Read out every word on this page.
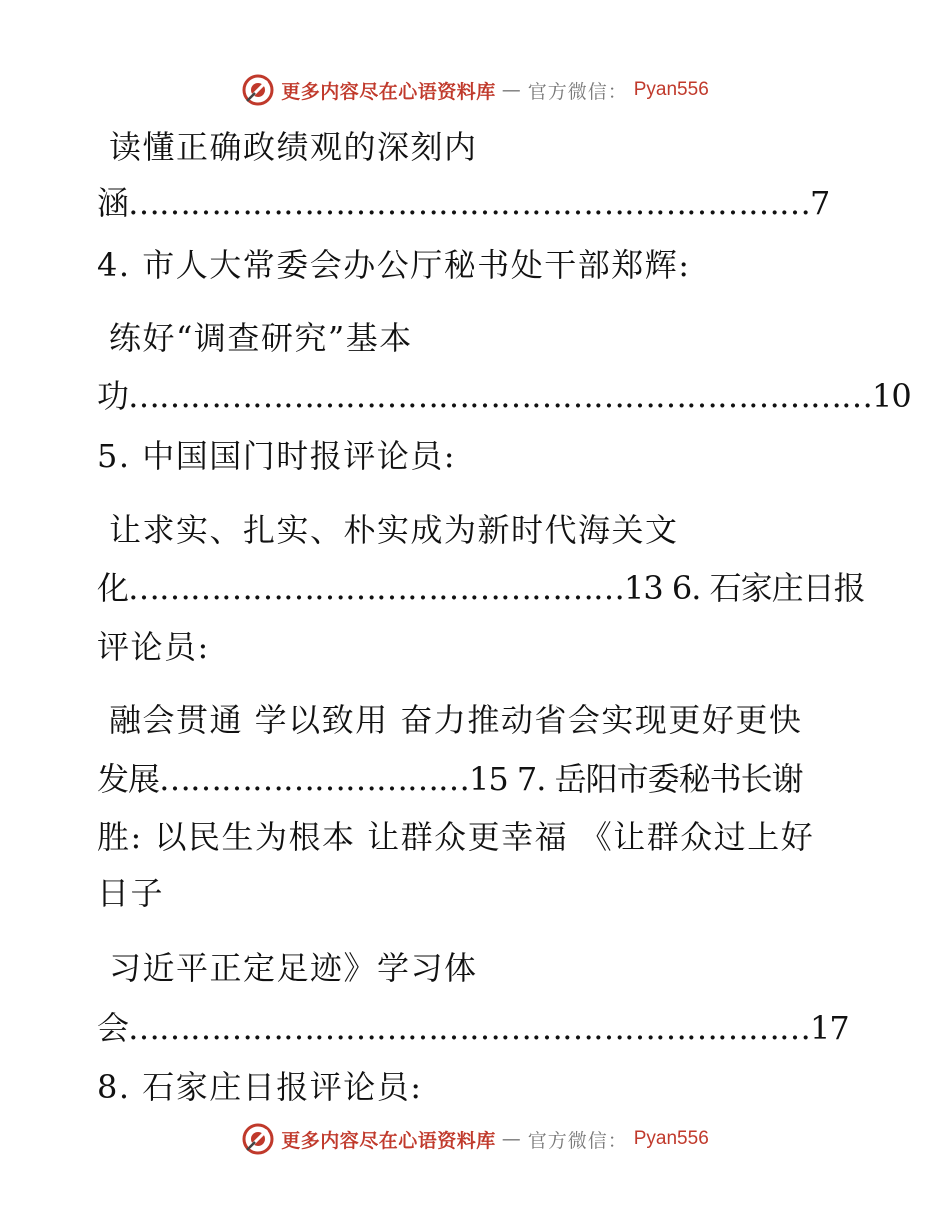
更多内容尽在心语资料库 — 官方微信： Pyan556
读懂正确政绩观的深刻内
涵…………………………………………………………7
4. 市人大常委会办公厅秘书处干部郑辉:
练好“调查研究”基本
功………………………………………………………………10
5. 中国国门时报评论员:
让求实、扎实、朴实成为新时代海关文
化…………………………………………13 6. 石家庄日报
评论员:
融会贯通 学以致用 奋力推动省会实现更好更快
发展…………………………15 7. 岳阳市委秘书长谢
胜: 以民生为根本 让群众更幸福 《让群众过上好
日子
习近平正定足迹》学习体
会…………………………………………………………17
8. 石家庄日报评论员:
更多内容尽在心语资料库 — 官方微信： Pyan556
